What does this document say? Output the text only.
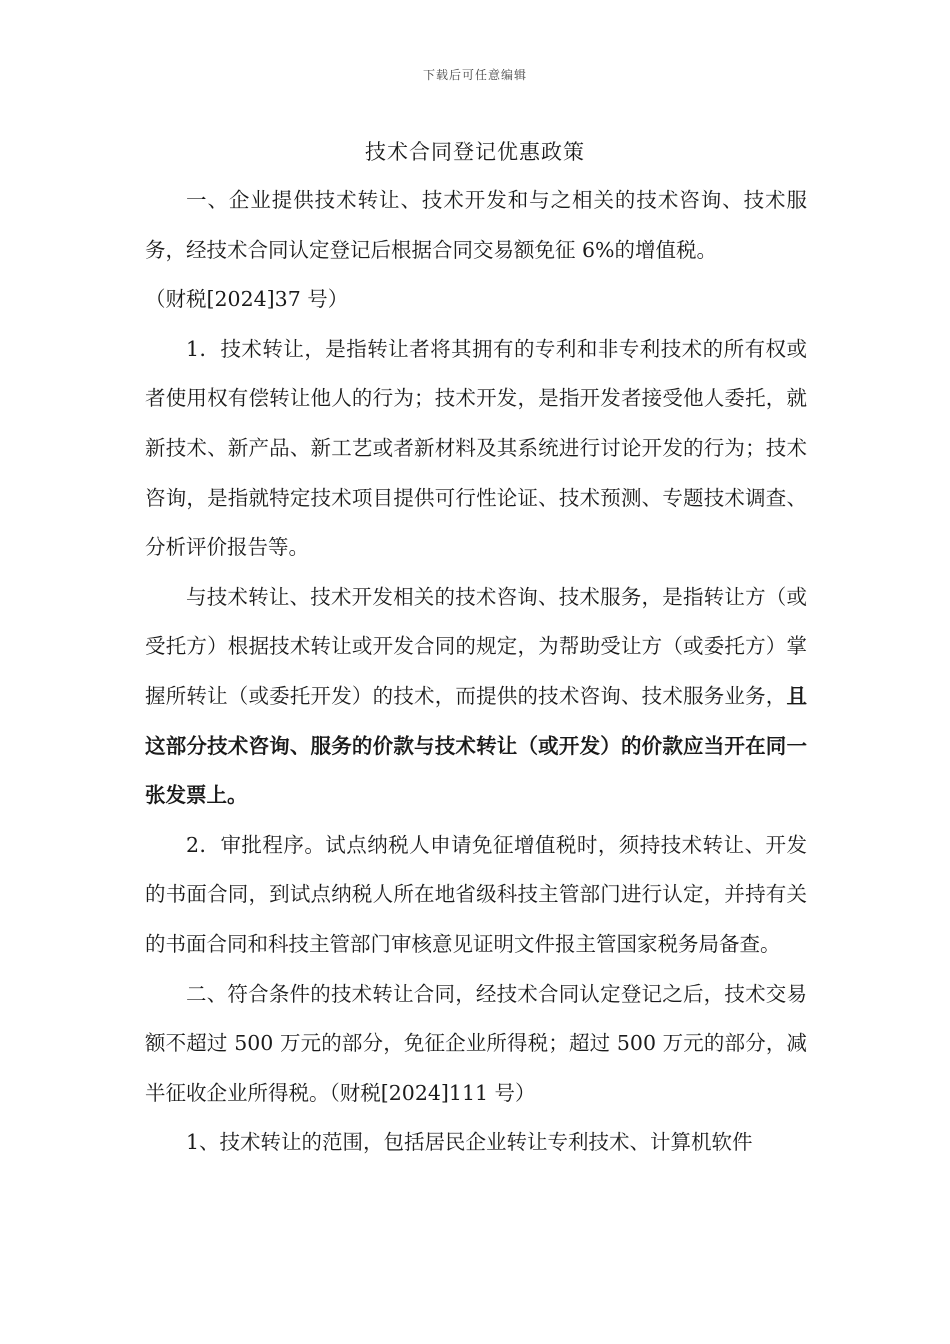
下载后可任意编辑
技术合同登记优惠政策

一、企业提供技术转让、技术开发和与之相关的技术咨询、技术服务，经技术合同认定登记后根据合同交易额免征 6%的增值税。

（财税[2024]37 号）

1．技术转让，是指转让者将其拥有的专利和非专利技术的所有权或者使用权有偿转让他人的行为；技术开发，是指开发者接受他人委托，就新技术、新产品、新工艺或者新材料及其系统进行讨论开发的行为；技术咨询，是指就特定技术项目提供可行性论证、技术预测、专题技术调查、分析评价报告等。

与技术转让、技术开发相关的技术咨询、技术服务，是指转让方（或受托方）根据技术转让或开发合同的规定，为帮助受让方（或委托方）掌握所转让（或委托开发）的技术，而提供的技术咨询、技术服务业务，且这部分技术咨询、服务的价款与技术转让（或开发）的价款应当开在同一张发票上。

2．审批程序。试点纳税人申请免征增值税时，须持技术转让、开发的书面合同，到试点纳税人所在地省级科技主管部门进行认定，并持有关的书面合同和科技主管部门审核意见证明文件报主管国家税务局备查。

二、符合条件的技术转让合同，经技术合同认定登记之后，技术交易额不超过 500 万元的部分，免征企业所得税；超过 500 万元的部分，减半征收企业所得税。（财税[2024]111 号）

1、技术转让的范围，包括居民企业转让专利技术、计算机软件
